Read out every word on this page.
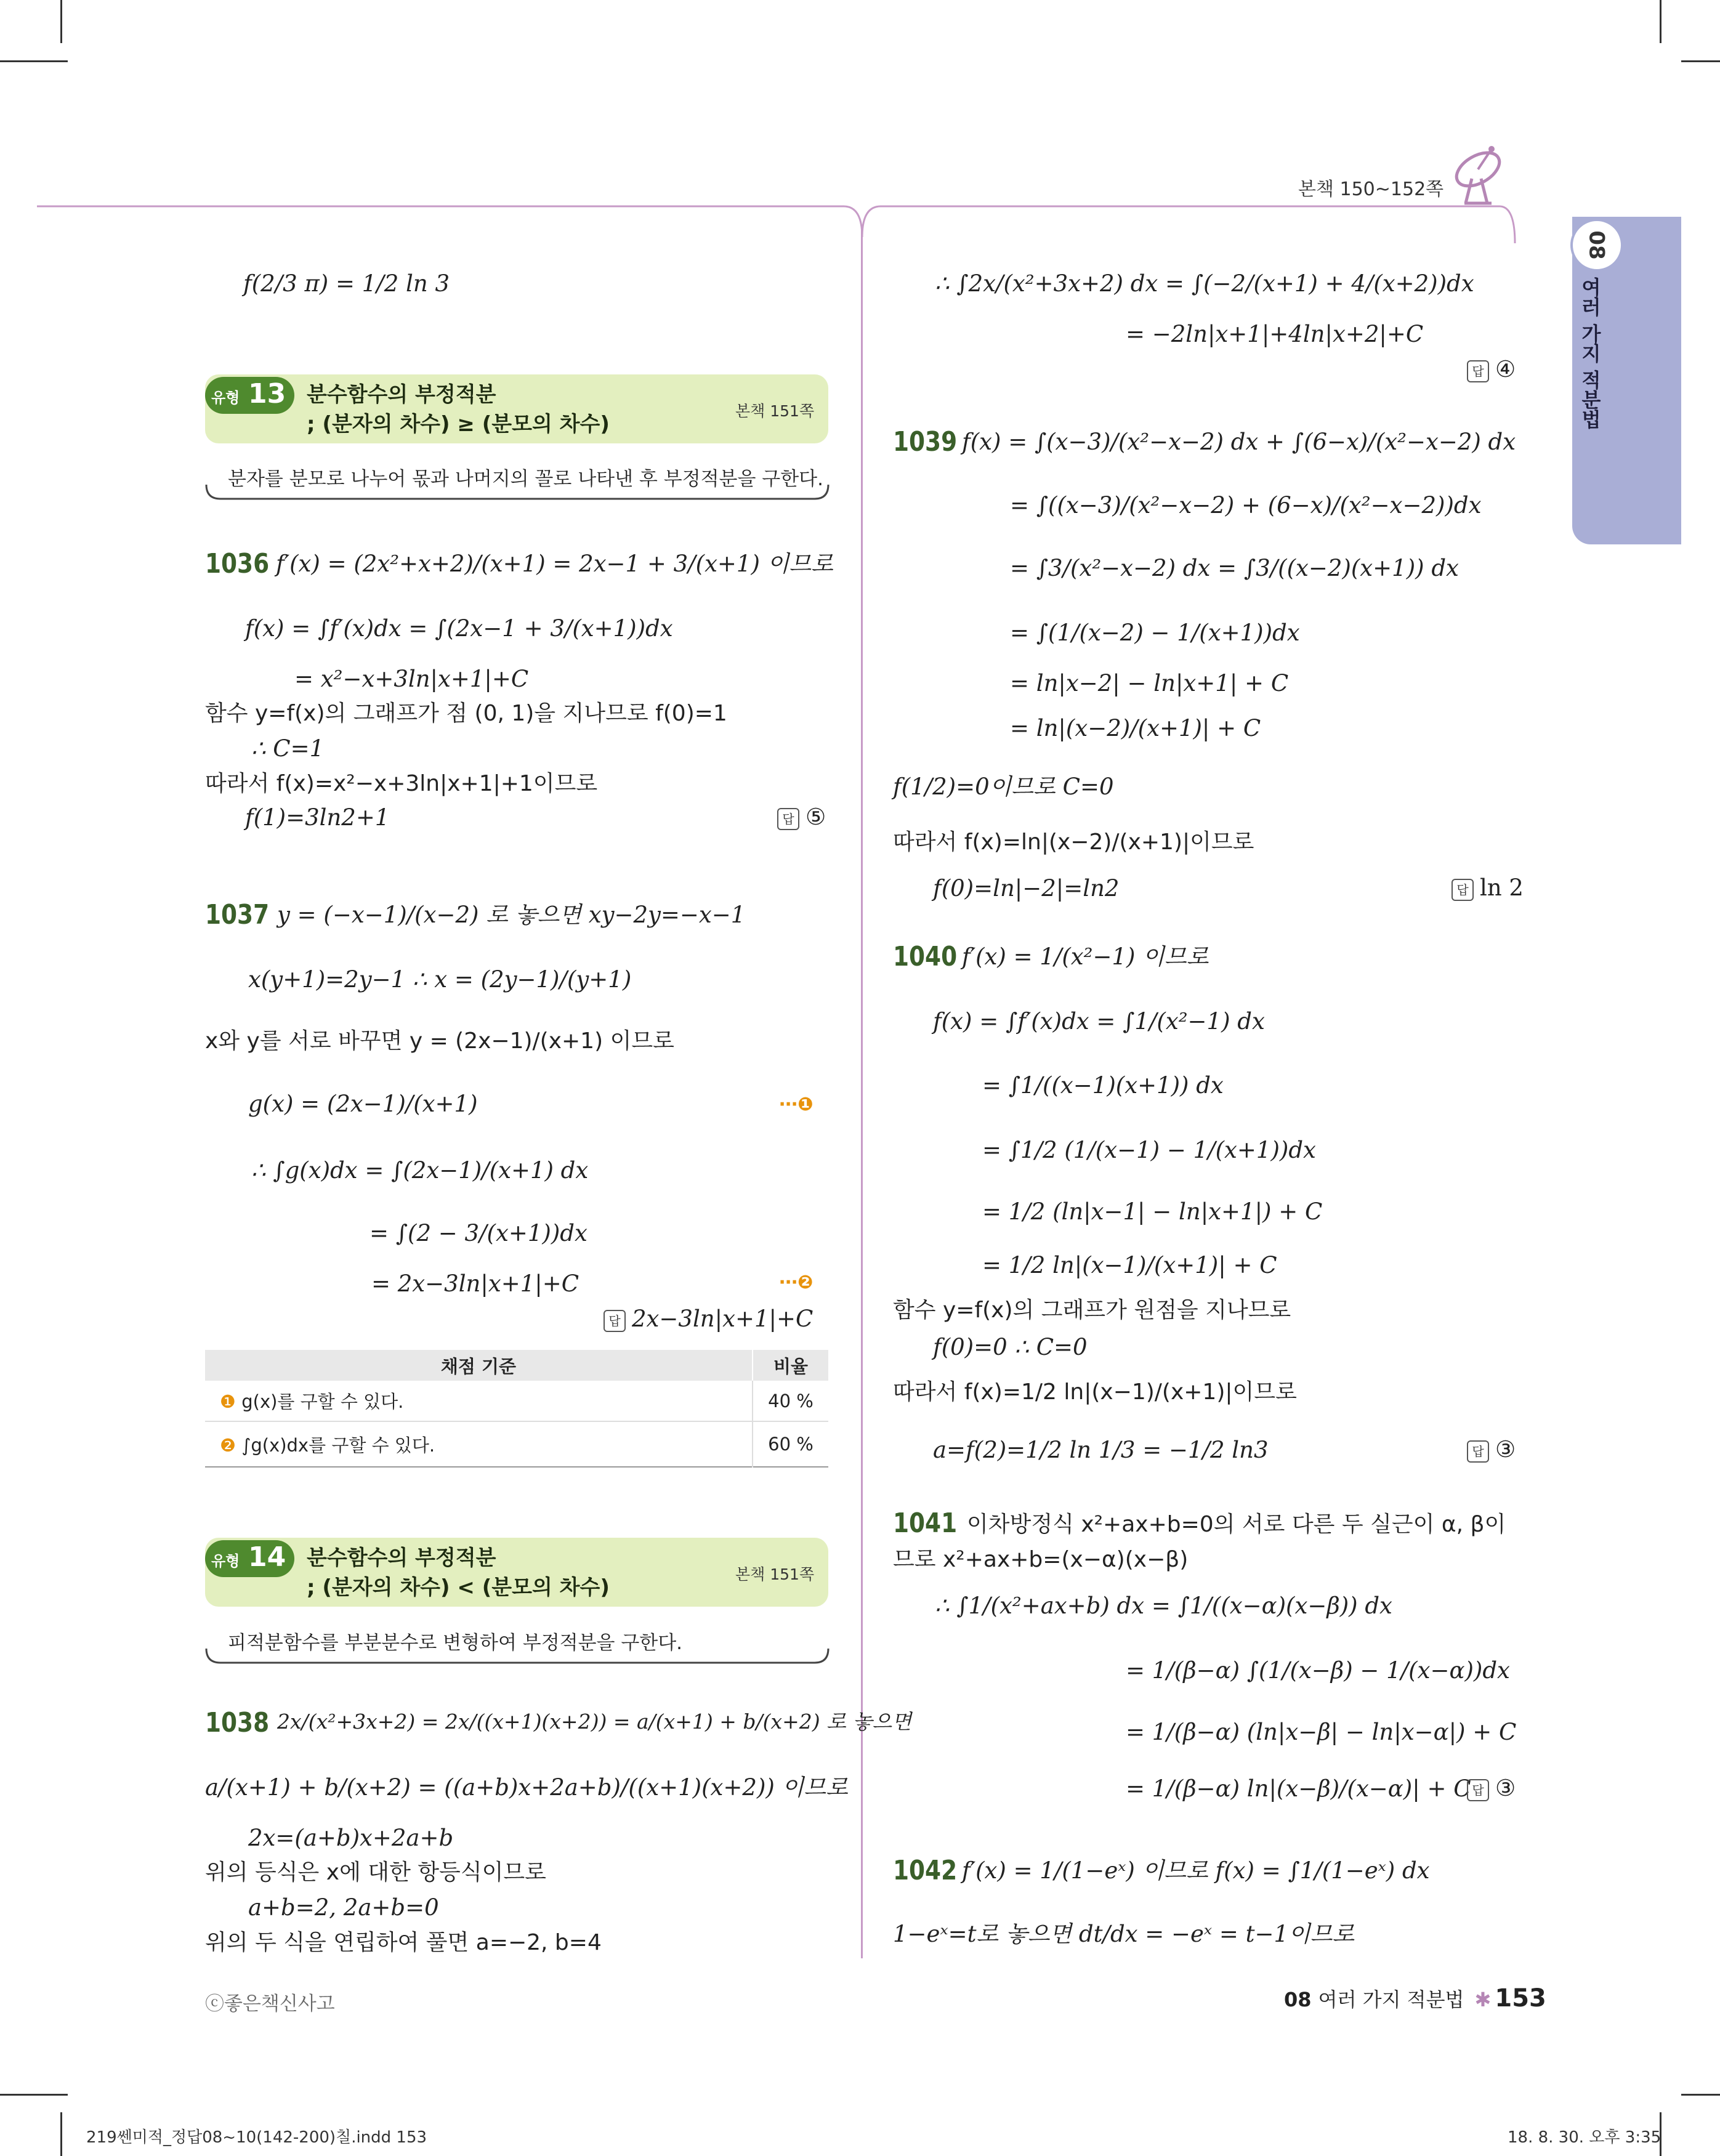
본책 150~152쪽
08
여러 가지 적분법
f(2/3 π) = 1/2 ln 3
유형 13 분수함수의 부정적분
; (분자의 차수) ≥ (분모의 차수)
본책 151쪽
분자를 분모로 나누어 몫과 나머지의 꼴로 나타낸 후 부정적분을 구한다.
1036 f′(x) = (2x²+x+2)/(x+1) = 2x−1 + 3/(x+1) 이므로
f(x) = ∫f′(x)dx = ∫(2x−1 + 3/(x+1))dx
= x²−x+3ln|x+1|+C
함수 y=f(x)의 그래프가 점 (0, 1)을 지나므로 f(0)=1
∴ C=1
따라서 f(x)=x²−x+3ln|x+1|+1이므로
f(1)=3ln2+1	답 ⑤
1037 y = (−x−1)/(x−2) 로 놓으면 xy−2y=−x−1
x(y+1)=2y−1 ∴ x = (2y−1)/(y+1)
x와 y를 서로 바꾸면 y = (2x−1)/(x+1) 이므로
g(x) = (2x−1)/(x+1)	⋯❶
∴ ∫g(x)dx = ∫(2x−1)/(x+1) dx
= ∫(2 − 3/(x+1))dx
= 2x−3ln|x+1|+C	⋯❷
답 2x−3ln|x+1|+C
채점 기준	비율
❶ g(x)를 구할 수 있다.	40 %
❷ ∫g(x)dx를 구할 수 있다.	60 %
유형 14 분수함수의 부정적분
; (분자의 차수) < (분모의 차수)
본책 151쪽
피적분함수를 부분분수로 변형하여 부정적분을 구한다.
1038 2x/(x²+3x+2) = 2x/((x+1)(x+2)) = a/(x+1) + b/(x+2) 로 놓으면
a/(x+1) + b/(x+2) = ((a+b)x+2a+b)/((x+1)(x+2)) 이므로
2x=(a+b)x+2a+b
위의 등식은 x에 대한 항등식이므로
a+b=2, 2a+b=0
위의 두 식을 연립하여 풀면 a=−2, b=4
∴ ∫2x/(x²+3x+2) dx = ∫(−2/(x+1) + 4/(x+2))dx
= −2ln|x+1|+4ln|x+2|+C
답 ④
1039 f(x) = ∫(x−3)/(x²−x−2) dx + ∫(6−x)/(x²−x−2) dx
= ∫((x−3)/(x²−x−2) + (6−x)/(x²−x−2))dx
= ∫3/(x²−x−2) dx = ∫3/((x−2)(x+1)) dx
= ∫(1/(x−2) − 1/(x+1))dx
= ln|x−2| − ln|x+1| + C
= ln|(x−2)/(x+1)| + C
f(1/2)=0이므로 C=0
따라서 f(x)=ln|(x−2)/(x+1)|이므로
f(0)=ln|−2|=ln2	답 ln 2
1040 f′(x) = 1/(x²−1) 이므로
f(x) = ∫f′(x)dx = ∫1/(x²−1) dx
= ∫1/((x−1)(x+1)) dx
= ∫1/2 (1/(x−1) − 1/(x+1))dx
= 1/2 (ln|x−1| − ln|x+1|) + C
= 1/2 ln|(x−1)/(x+1)| + C
함수 y=f(x)의 그래프가 원점을 지나므로
f(0)=0 ∴ C=0
따라서 f(x)=1/2 ln|(x−1)/(x+1)|이므로
a=f(2)=1/2 ln 1/3 = −1/2 ln3	답 ③
1041 이차방정식 x²+ax+b=0의 서로 다른 두 실근이 α, β이
므로 x²+ax+b=(x−α)(x−β)
∴ ∫1/(x²+ax+b) dx = ∫1/((x−α)(x−β)) dx
= 1/(β−α) ∫(1/(x−β) − 1/(x−α))dx
= 1/(β−α) (ln|x−β| − ln|x−α|) + C
= 1/(β−α) ln|(x−β)/(x−α)| + C 답 ③
1042 f′(x) = 1/(1−eˣ) 이므로 f(x) = ∫1/(1−eˣ) dx
1−eˣ=t로 놓으면 dt/dx = −eˣ = t−1이므로
ⓒ좋은책신사고	08 여러 가지 적분법 ✱ 153
219쎈미적_정답08~10(142-200)칠.indd 153	18. 8. 30. 오후 3:35
